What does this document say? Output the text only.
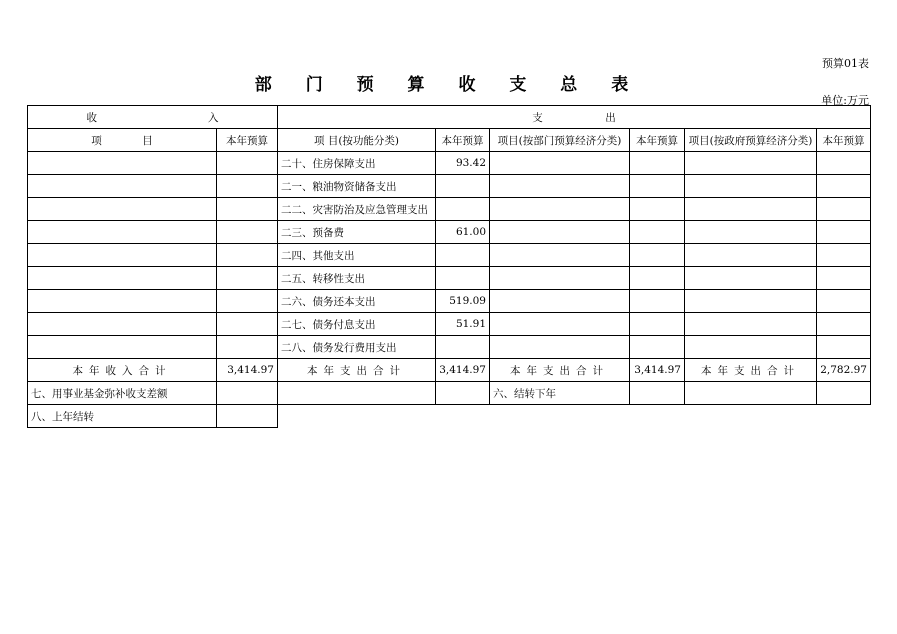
预算01表
部 门 预 算 收 支 总 表
单位:万元
收 入		支 出					

项 目	本年预算	项 目(按功能分类)	本年预算	项目(按部门预算经济分类)	本年预算	项目(按政府预算经济分类)	本年预算
		二十、住房保障支出	93.42				
		二一、粮油物资储备支出					
		二二、灾害防治及应急管理支出					
		二三、预备费	61.00				
		二四、其他支出					
		二五、转移性支出					
		二六、债务还本支出	519.09				
		二七、债务付息支出	51.91				
		二八、债务发行费用支出					
本年收入合计	3,414.97	本年支出合计	3,414.97	本年支出合计	3,414.97	本年支出合计	2,782.97
七、用事业基金弥补收支差额				六、结转下年			
八、上年结转							
